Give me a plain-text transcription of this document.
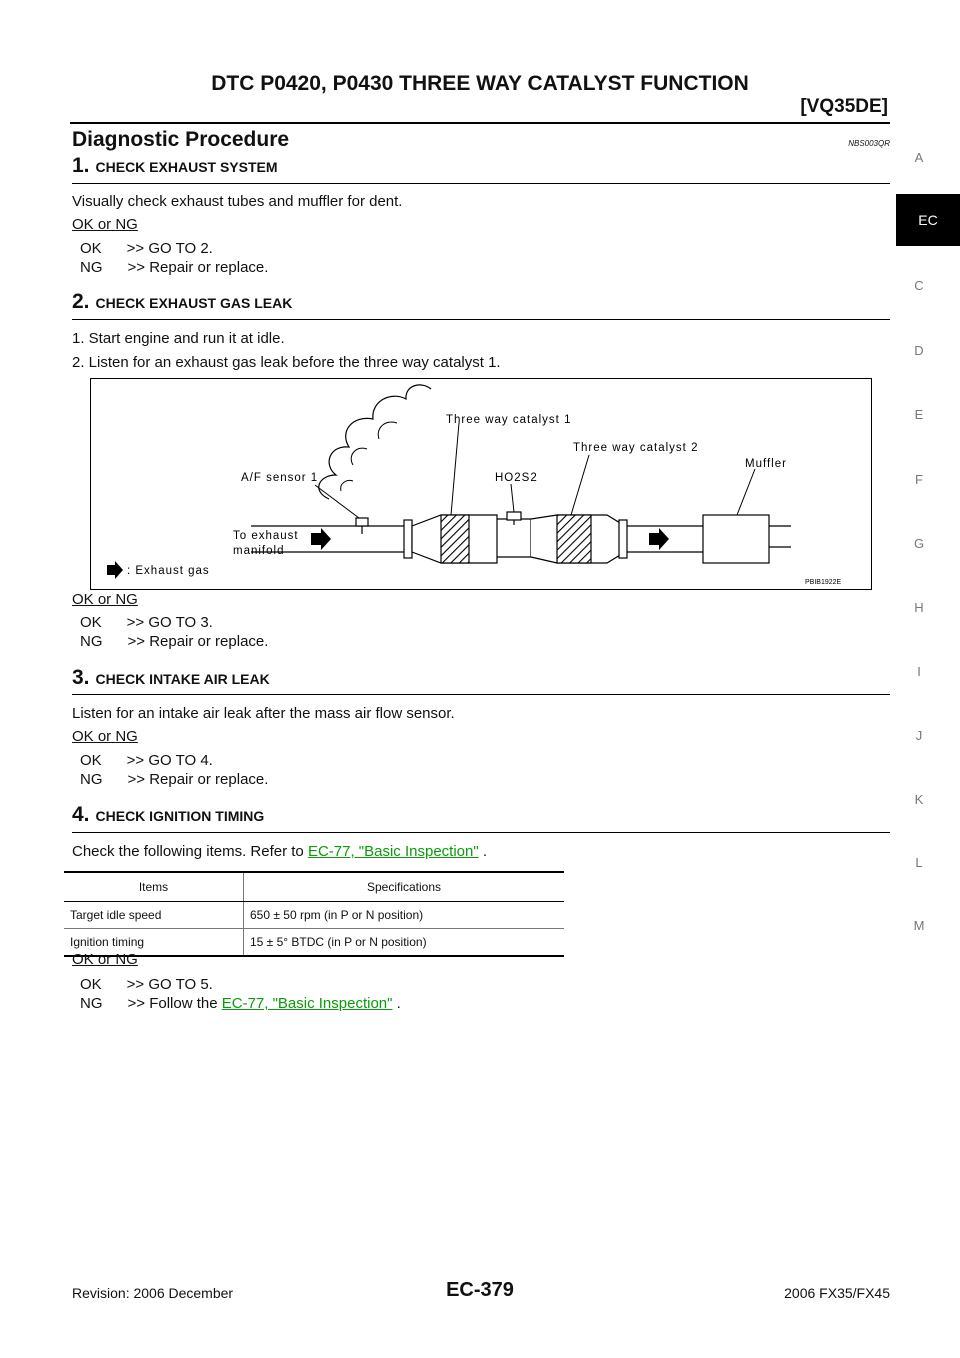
DTC P0420, P0430 THREE WAY CATALYST FUNCTION
[VQ35DE]
A
EC
C
D
E
F
G
H
I
J
K
L
M
Diagnostic Procedure	NBS003QR
1. CHECK EXHAUST SYSTEM
Visually check exhaust tubes and muffler for dent.
OK or NG
OK      >> GO TO 2.
NG      >> Repair or replace.
2. CHECK EXHAUST GAS LEAK
1. Start engine and run it at idle.
2. Listen for an exhaust gas leak before the three way catalyst 1.
Three way catalyst 1
Three way catalyst 2
Muffler
A/F sensor 1	HO2S2
To exhaust
manifold
: Exhaust gas
PBIB1922E
OK or NG
OK      >> GO TO 3.
NG      >> Repair or replace.
3. CHECK INTAKE AIR LEAK
Listen for an intake air leak after the mass air flow sensor.
OK or NG
OK      >> GO TO 4.
NG      >> Repair or replace.
4. CHECK IGNITION TIMING
Check the following items. Refer to EC-77, "Basic Inspection" .
Items	Specifications
Target idle speed	650 ± 50 rpm (in P or N position)
Ignition timing	15 ± 5° BTDC (in P or N position)
OK or NG
OK      >> GO TO 5.
NG      >> Follow the EC-77, "Basic Inspection" .
Revision: 2006 December	EC-379	2006 FX35/FX45
